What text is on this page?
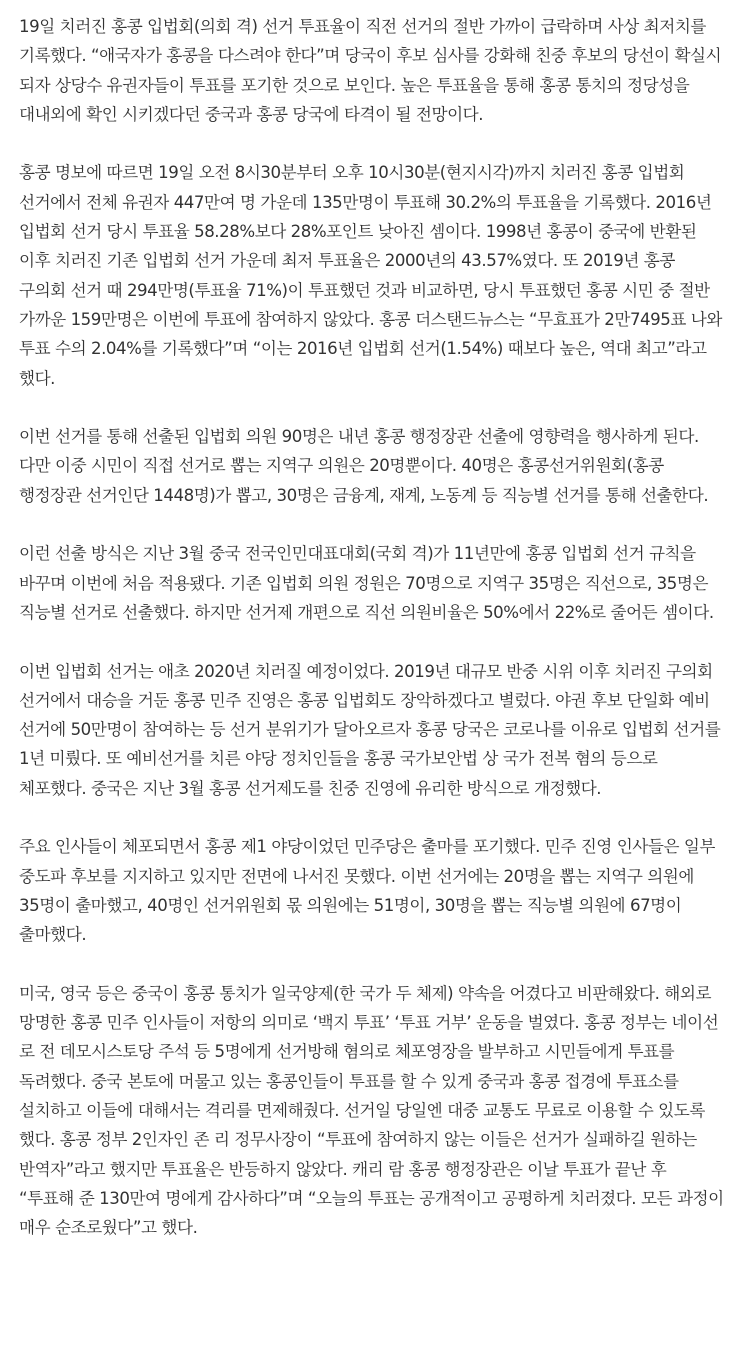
19일 치러진 홍콩 입법회(의회 격) 선거 투표율이 직전 선거의 절반 가까이 급락하며 사상 최저치를 기록했다. “애국자가 홍콩을 다스려야 한다”며 당국이 후보 심사를 강화해 친중 후보의 당선이 확실시 되자 상당수 유권자들이 투표를 포기한 것으로 보인다. 높은 투표율을 통해 홍콩 통치의 정당성을 대내외에 확인 시키겠다던 중국과 홍콩 당국에 타격이 될 전망이다.

홍콩 명보에 따르면 19일 오전 8시30분부터 오후 10시30분(현지시각)까지 치러진 홍콩 입법회 선거에서 전체 유권자 447만여 명 가운데 135만명이 투표해 30.2%의 투표율을 기록했다. 2016년 입법회 선거 당시 투표율 58.28%보다 28%포인트 낮아진 셈이다. 1998년 홍콩이 중국에 반환된 이후 치러진 기존 입법회 선거 가운데 최저 투표율은 2000년의 43.57%였다. 또 2019년 홍콩 구의회 선거 때 294만명(투표율 71%)이 투표했던 것과 비교하면, 당시 투표했던 홍콩 시민 중 절반 가까운 159만명은 이번에 투표에 참여하지 않았다. 홍콩 더스탠드뉴스는 “무효표가 2만7495표 나와 투표 수의 2.04%를 기록했다”며 “이는 2016년 입법회 선거(1.54%) 때보다 높은, 역대 최고”라고 했다.

이번 선거를 통해 선출된 입법회 의원 90명은 내년 홍콩 행정장관 선출에 영향력을 행사하게 된다. 다만 이중 시민이 직접 선거로 뽑는 지역구 의원은 20명뿐이다. 40명은 홍콩선거위원회(홍콩 행정장관 선거인단 1448명)가 뽑고, 30명은 금융계, 재계, 노동계 등 직능별 선거를 통해 선출한다.

이런 선출 방식은 지난 3월 중국 전국인민대표대회(국회 격)가 11년만에 홍콩 입법회 선거 규칙을 바꾸며 이번에 처음 적용됐다. 기존 입법회 의원 정원은 70명으로 지역구 35명은 직선으로, 35명은 직능별 선거로 선출했다. 하지만 선거제 개편으로 직선 의원비율은 50%에서 22%로 줄어든 셈이다.

이번 입법회 선거는 애초 2020년 치러질 예정이었다. 2019년 대규모 반중 시위 이후 치러진 구의회 선거에서 대승을 거둔 홍콩 민주 진영은 홍콩 입법회도 장악하겠다고 별렀다. 야권 후보 단일화 예비 선거에 50만명이 참여하는 등 선거 분위기가 달아오르자 홍콩 당국은 코로나를 이유로 입법회 선거를 1년 미뤘다. 또 예비선거를 치른 야당 정치인들을 홍콩 국가보안법 상 국가 전복 혐의 등으로 체포했다. 중국은 지난 3월 홍콩 선거제도를 친중 진영에 유리한 방식으로 개정했다.

주요 인사들이 체포되면서 홍콩 제1 야당이었던 민주당은 출마를 포기했다. 민주 진영 인사들은 일부 중도파 후보를 지지하고 있지만 전면에 나서진 못했다. 이번 선거에는 20명을 뽑는 지역구 의원에 35명이 출마했고, 40명인 선거위원회 몫 의원에는 51명이, 30명을 뽑는 직능별 의원에 67명이 출마했다.

미국, 영국 등은 중국이 홍콩 통치가 일국양제(한 국가 두 체제) 약속을 어겼다고 비판해왔다. 해외로 망명한 홍콩 민주 인사들이 저항의 의미로 ‘백지 투표’ ‘투표 거부’ 운동을 벌였다. 홍콩 정부는 네이선 로 전 데모시스토당 주석 등 5명에게 선거방해 혐의로 체포영장을 발부하고 시민들에게 투표를 독려했다. 중국 본토에 머물고 있는 홍콩인들이 투표를 할 수 있게 중국과 홍콩 접경에 투표소를 설치하고 이들에 대해서는 격리를 면제해줬다. 선거일 당일엔 대중 교통도 무료로 이용할 수 있도록 했다. 홍콩 정부 2인자인 존 리 정무사장이 “투표에 참여하지 않는 이들은 선거가 실패하길 원하는 반역자”라고 했지만 투표율은 반등하지 않았다. 캐리 람 홍콩 행정장관은 이날 투표가 끝난 후 “투표해 준 130만여 명에게 감사하다”며 “오늘의 투표는 공개적이고 공평하게 치러졌다. 모든 과정이 매우 순조로웠다”고 했다.
